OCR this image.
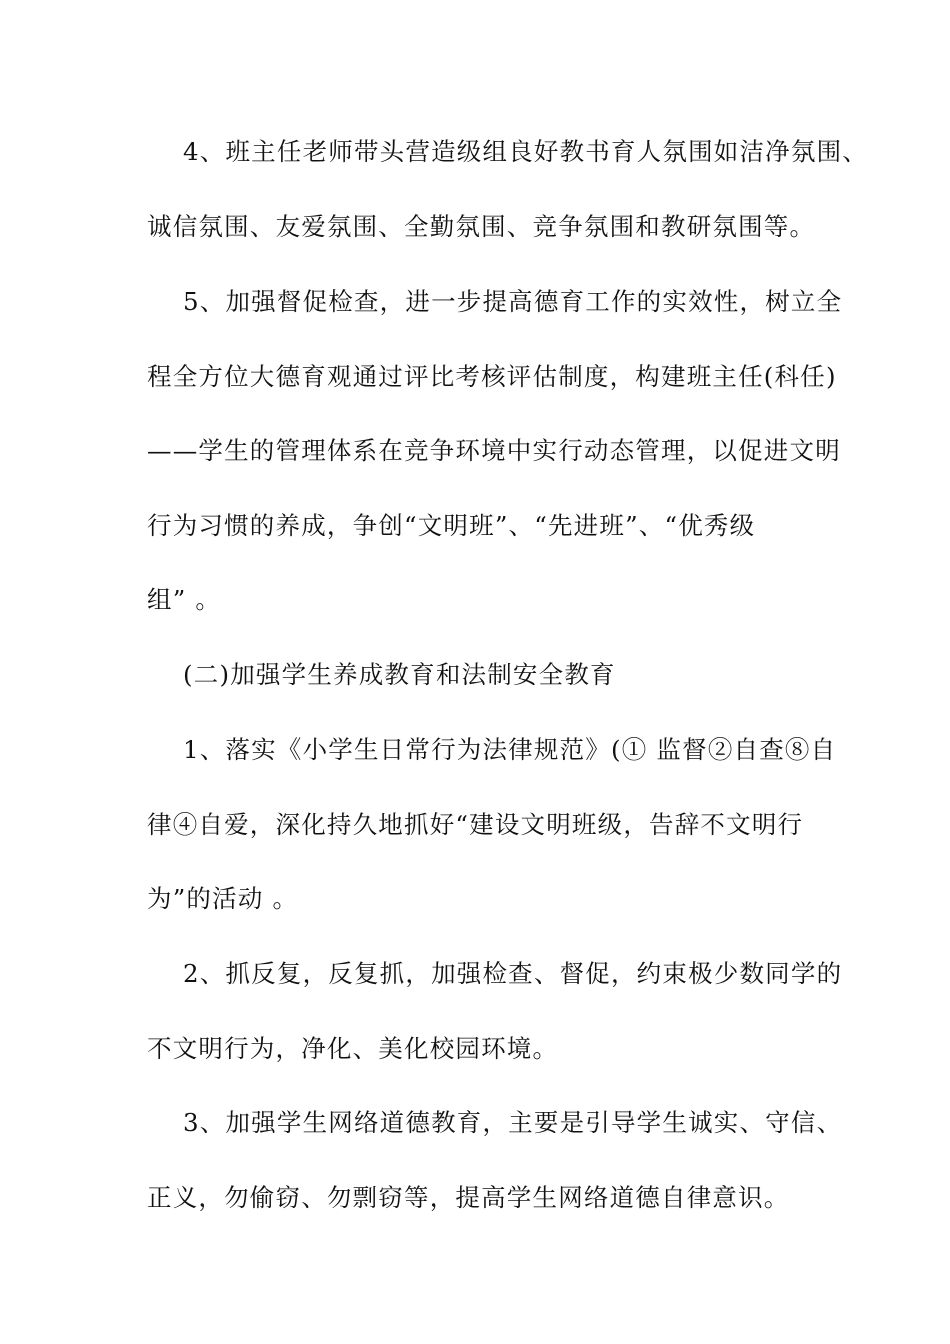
4、班主任老师带头营造级组良好教书育人氛围如洁净氛围、
诚信氛围、友爱氛围、全勤氛围、竞争氛围和教研氛围等。
5、加强督促检查，进一步提高德育工作的实效性，树立全
程全方位大德育观通过评比考核评估制度，构建班主任(科任)
——学生的管理体系在竞争环境中实行动态管理，以促进文明
行为习惯的养成，争创“文明班”、“先进班”、“优秀级
组” 。
(二)加强学生养成教育和法制安全教育
1、落实《小学生日常行为法律规范》(① 监督②自查⑧自
律④自爱，深化持久地抓好“建设文明班级，告辞不文明行
为”的活动 。
2、抓反复，反复抓，加强检查、督促，约束极少数同学的
不文明行为，净化、美化校园环境。
3、加强学生网络道德教育，主要是引导学生诚实、守信、
正义，勿偷窃、勿剽窃等，提高学生网络道德自律意识。
